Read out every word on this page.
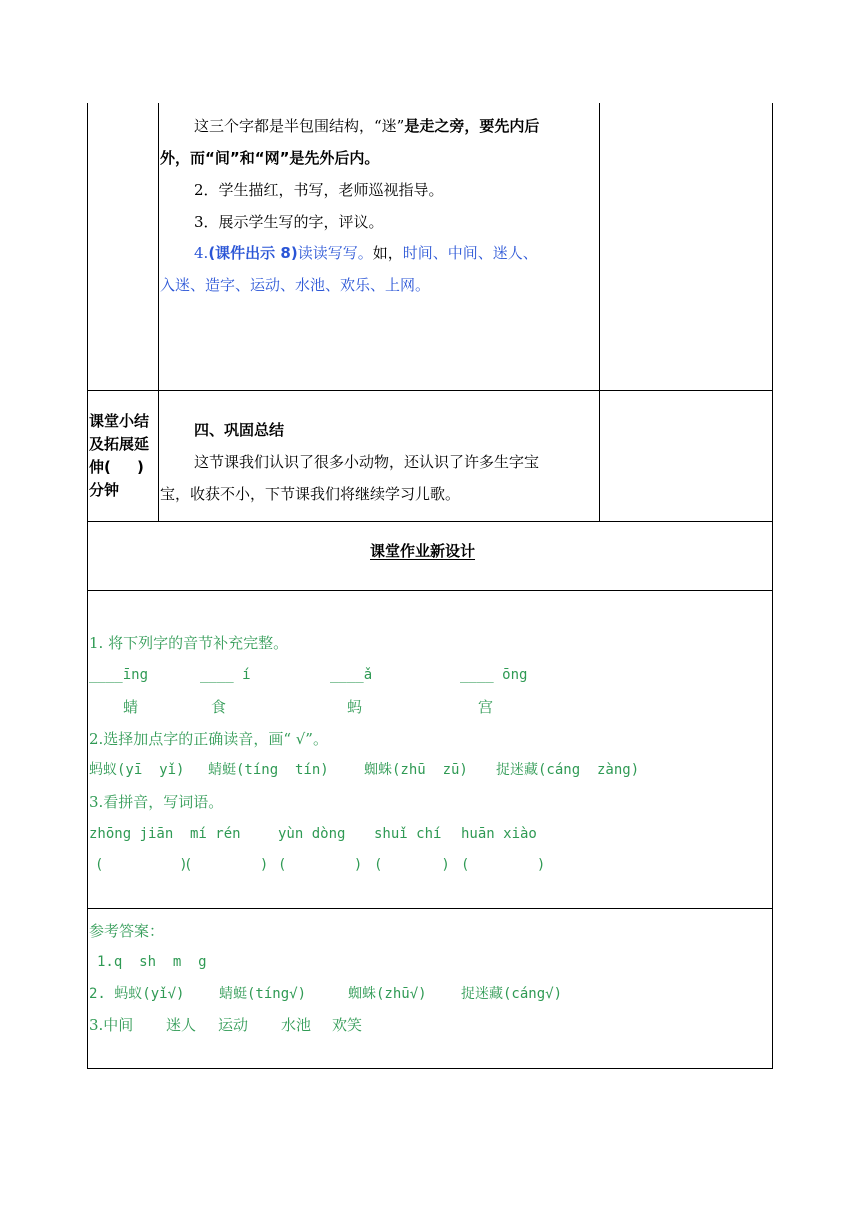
这三个字都是半包围结构，“迷”是走之旁，要先内后
外，而“间”和“网”是先外后内。
2．学生描红，书写，老师巡视指导。
3．展示学生写的字，评议。
4.(课件出示 8)读读写写。如，时间、中间、迷人、
入迷、造字、运动、水池、欢乐、上网。
课堂小结
及拓展延
伸(     )
分钟
四、巩固总结
这节课我们认识了很多小动物，还认识了许多生字宝
宝，收获不小，下节课我们将继续学习儿歌。
课堂作业新设计
1. 将下列字的音节补充完整。
____īng	____ í	____ǎ	____ ōng
蜻	食	蚂	宫
2.选择加点字的正确读音，画“ √”。
蚂蚁(yī  yǐ) 蜻蜓(tíng  tín)	蜘蛛(zhū  zū) 捉迷藏(cáng  zàng)
3.看拼音，写词语。
zhōng jiān mí rén	yùn dòng shuǐ chí huān xiào
(         )
(        ) (        ) (       ) (        )
参考答案：
1.q  sh  m  g
2. 蚂蚁(yǐ√) 蜻蜓(tíng√)	蜘蛛(zhū√) 捉迷藏(cáng√)
3.中间 迷人 运动 水池 欢笑
